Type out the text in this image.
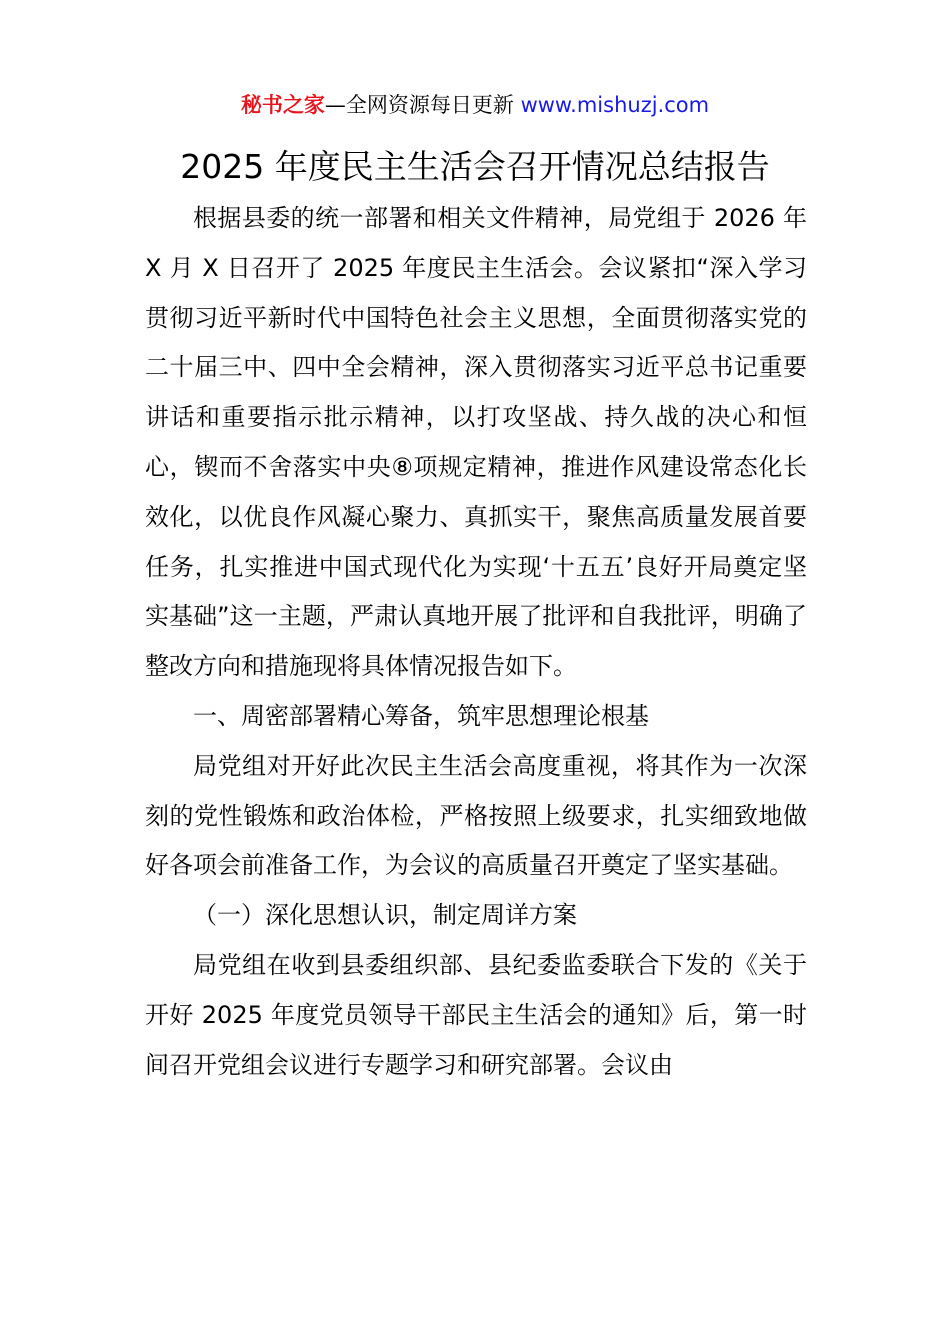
秘书之家—全网资源每日更新 www.mishuzj.com
2025 年度民主生活会召开情况总结报告

根据县委的统一部署和相关文件精神，局党组于 2026 年 X 月 X 日召开了 2025 年度民主生活会。会议紧扣“深入学习贯彻习近平新时代中国特色社会主义思想，全面贯彻落实党的二十届三中、四中全会精神，深入贯彻落实习近平总书记重要讲话和重要指示批示精神，以打攻坚战、持久战的决心和恒心，锲而不舍落实中央⑧项规定精神，推进作风建设常态化长效化，以优良作风凝心聚力、真抓实干，聚焦高质量发展首要任务，扎实推进中国式现代化为实现‘十五五’良好开局奠定坚实基础”这一主题，严肃认真地开展了批评和自我批评，明确了整改方向和措施现将具体情况报告如下。

一、周密部署精心筹备，筑牢思想理论根基

局党组对开好此次民主生活会高度重视，将其作为一次深刻的党性锻炼和政治体检，严格按照上级要求，扎实细致地做好各项会前准备工作，为会议的高质量召开奠定了坚实基础。

（一）深化思想认识，制定周详方案

局党组在收到县委组织部、县纪委监委联合下发的《关于开好 2025 年度党员领导干部民主生活会的通知》后，第一时间召开党组会议进行专题学习和研究部署。会议由
